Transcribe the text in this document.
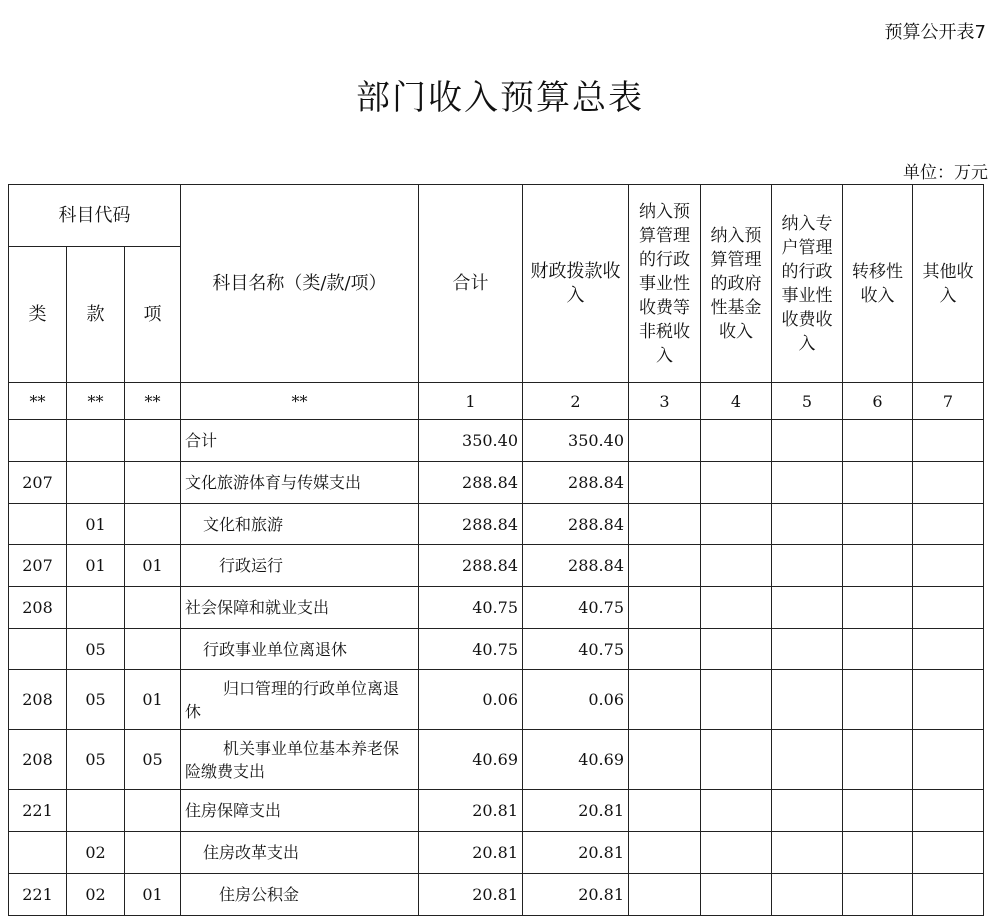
预算公开表7
部门收入预算总表
单位：万元
科目代码			科目名称（类/款/项）	合计	财政拨款收入	纳入预算管理的行政事业性收费等非税收入	纳入预算管理的政府性基金收入	纳入专户管理的行政事业性收费收入	转移性收入	其他收入
类	款	项								
**	**	**	**	1	2	3	4	5	6	7
			合计	350.40	350.40					
207			文化旅游体育与传媒支出	288.84	288.84					
	01		文化和旅游	288.84	288.84					
207	01	01	行政运行	288.84	288.84					
208			社会保障和就业支出	40.75	40.75					
	05		行政事业单位离退休	40.75	40.75					
208	05	01	归口管理的行政单位离退休	0.06	0.06					
208	05	05	机关事业单位基本养老保险缴费支出	40.69	40.69					
221			住房保障支出	20.81	20.81					
	02		住房改革支出	20.81	20.81					
221	02	01	住房公积金	20.81	20.81					
